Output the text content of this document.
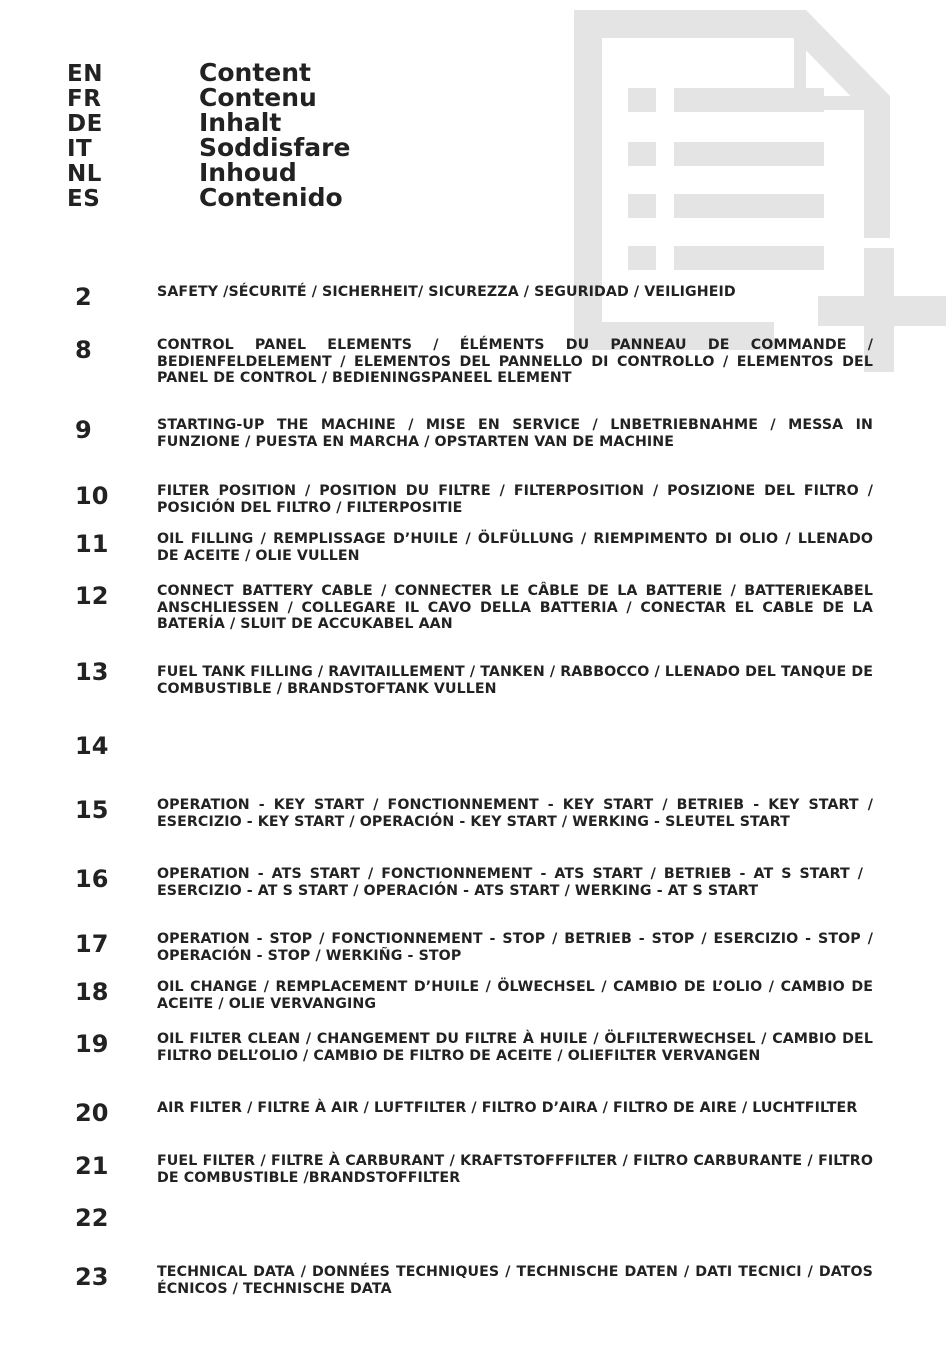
EN	Content
FR	Contenu
DE	Inhalt
IT	Soddisfare
NL	Inhoud
ES	Contenido
2	SAFETY /SÉCURITÉ / SICHERHEIT/ SICUREZZA / SEGURIDAD / VEILIGHEID
8	CONTROL PANEL ELEMENTS / ÉLÉMENTS DU PANNEAU DE COMMANDE / BEDIENFELDELEMENT / ELEMENTOS DEL PANNELLO DI CONTROLLO / ELEMENTOS DEL PANEL DE CONTROL / BEDIENINGSPANEEL ELEMENT
9	STARTING-UP THE MACHINE / MISE EN SERVICE / LNBETRIEBNAHME / MESSA IN FUNZIONE / PUESTA EN MARCHA / OPSTARTEN VAN DE MACHINE
10	FILTER POSITION / POSITION DU FILTRE / FILTERPOSITION / POSIZIONE DEL FILTRO / POSICIÓN DEL FILTRO / FILTERPOSITIE
11	OIL FILLING / REMPLISSAGE D’HUILE / ÖLFÜLLUNG / RIEMPIMENTO DI OLIO / LLENADO DE ACEITE / OLIE VULLEN
12	CONNECT BATTERY CABLE / CONNECTER LE CÂBLE DE LA BATTERIE / BATTERIEKABEL ANSCHLIESSEN / COLLEGARE IL CAVO DELLA BATTERIA / CONECTAR EL CABLE DE LA BATERÍA / SLUIT DE ACCUKABEL AAN
13	FUEL TANK FILLING / RAVITAILLEMENT / TANKEN / RABBOCCO / LLENADO DEL TANQUE DE COMBUSTIBLE / BRANDSTOFTANK VULLEN
14
15	OPERATION - KEY START / FONCTIONNEMENT - KEY START / BETRIEB - KEY START / ESERCIZIO - KEY START / OPERACIÓN - KEY START / WERKING - SLEUTEL START
16	OPERATION - ATS START / FONCTIONNEMENT - ATS START / BETRIEB - AT S START / ESERCIZIO - AT S START / OPERACIÓN - ATS START / WERKING - AT S START
17	OPERATION - STOP / FONCTIONNEMENT - STOP / BETRIEB - STOP / ESERCIZIO - STOP / OPERACIÓN - STOP / WERKIÑG - STOP
18	OIL CHANGE / REMPLACEMENT D’HUILE / ÖLWECHSEL / CAMBIO DE L’OLIO / CAMBIO DE ACEITE / OLIE VERVANGING
19	OIL FILTER CLEAN / CHANGEMENT DU FILTRE À HUILE / ÖLFILTERWECHSEL / CAMBIO DEL FILTRO DELL’OLIO / CAMBIO DE FILTRO DE ACEITE / OLIEFILTER VERVANGEN
20	AIR FILTER / FILTRE À AIR / LUFTFILTER / FILTRO D’AIRA / FILTRO DE AIRE / LUCHTFILTER
21	FUEL FILTER / FILTRE À CARBURANT / KRAFTSTOFFFILTER / FILTRO CARBURANTE / FILTRO DE COMBUSTIBLE /BRANDSTOFFILTER
22
23	TECHNICAL DATA / DONNÉES TECHNIQUES / TECHNISCHE DATEN / DATI TECNICI / DATOS ÉCNICOS / TECHNISCHE DATA
